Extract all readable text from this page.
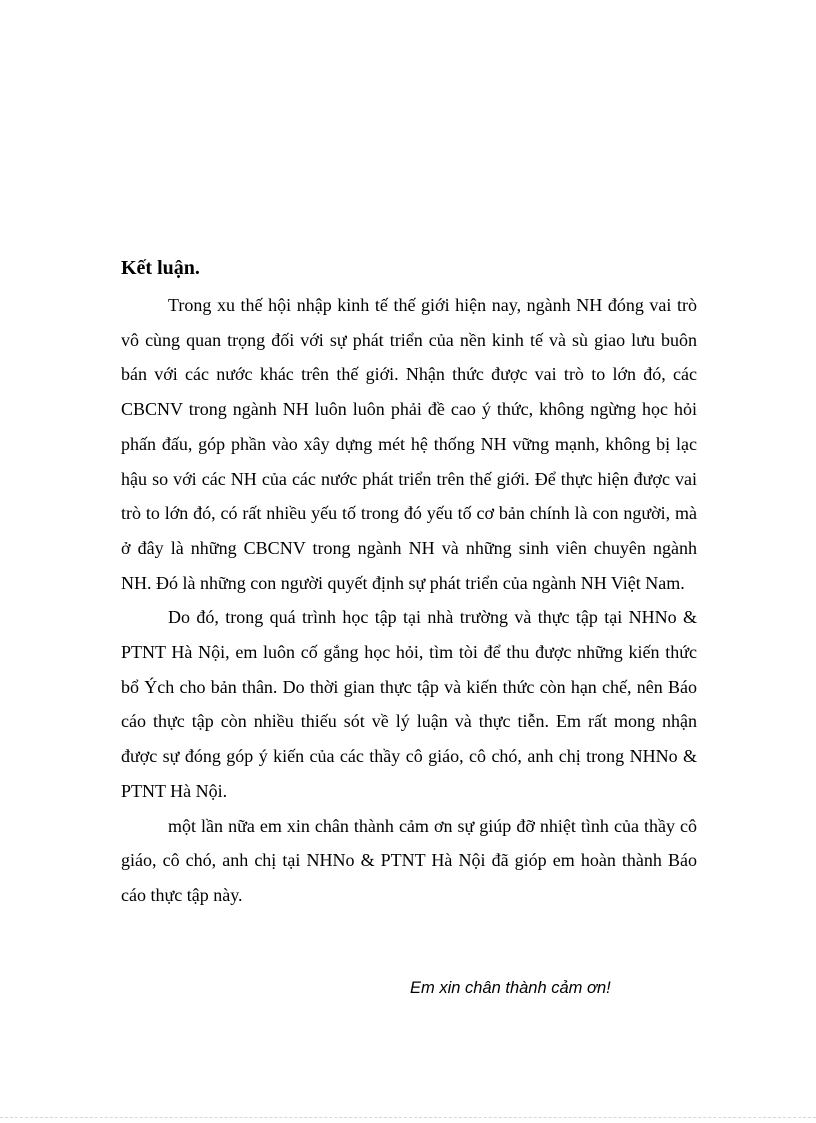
Kết luận.

Trong xu thế hội nhập kinh tế thế giới hiện nay, ngành NH đóng vai trò vô cùng quan trọng đối với sự phát triển của nền kinh tế và sù giao lưu buôn bán với các nước khác trên thế giới. Nhận thức được vai trò to lớn đó, các CBCNV trong ngành NH luôn luôn phải đề cao ý thức, không ngừng học hỏi phấn đấu, góp phần vào xây dựng mét hệ thống NH vững mạnh, không bị lạc hậu so với các NH của các nước phát triển trên thế giới. Để thực hiện được vai trò to lớn đó, có rất nhiều yếu tố trong đó yếu tố cơ bản chính là con người, mà ở đây là những CBCNV trong ngành NH và những sinh viên chuyên ngành NH. Đó là những con người quyết định sự phát triển của ngành NH Việt Nam.

Do đó, trong quá trình học tập tại nhà trường và thực tập tại NHNo & PTNT Hà Nội, em luôn cố gắng học hỏi, tìm tòi để thu được những kiến thức bổ Ých cho bản thân. Do thời gian thực tập và kiến thức còn hạn chế, nên Báo cáo thực tập còn nhiều thiếu sót về lý luận và thực tiễn. Em rất mong nhận được sự đóng góp ý kiến của các thầy cô giáo, cô chó, anh chị trong NHNo & PTNT Hà Nội.

một lần nữa em xin chân thành cảm ơn sự giúp đỡ nhiệt tình của thầy cô giáo, cô chó, anh chị tại NHNo & PTNT Hà Nội đã gióp em hoàn thành Báo cáo thực tập này.

Em xin chân thành cảm ơn!
